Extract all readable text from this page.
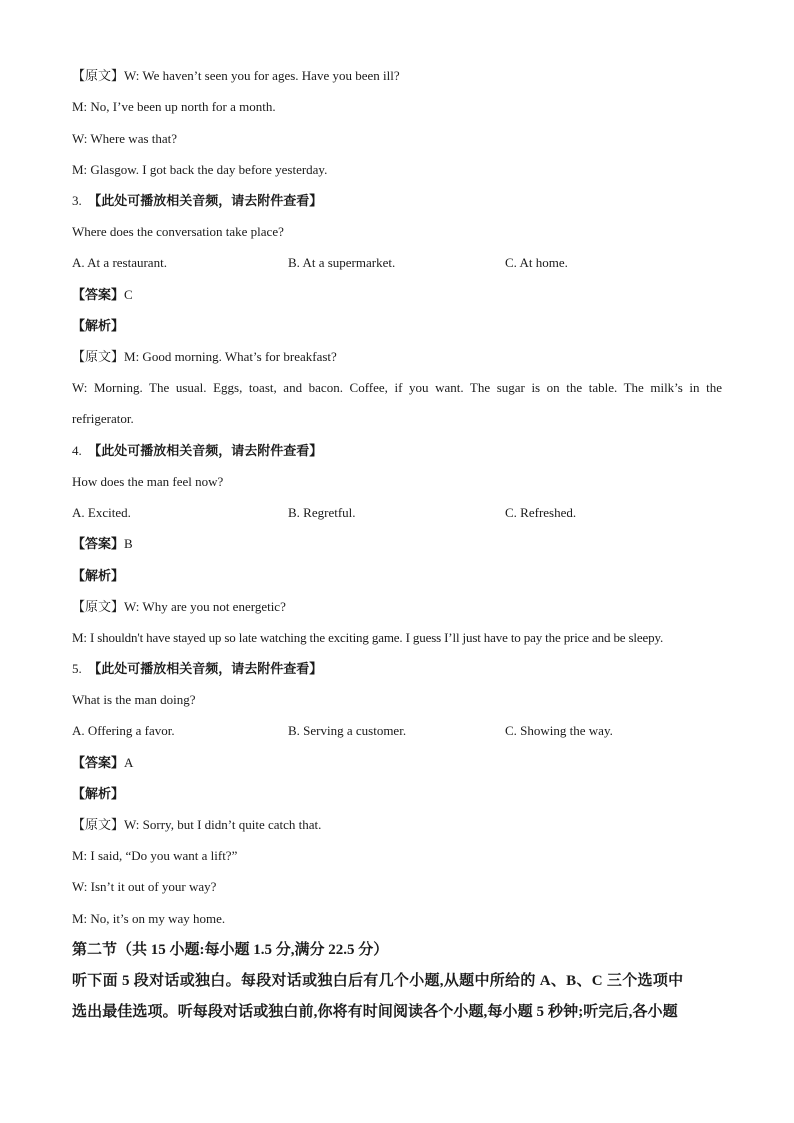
【原文】W: We haven’t seen you for ages. Have you been ill?
M: No, I’ve been up north for a month.
W: Where was that?
M: Glasgow. I got back the day before yesterday.
3. 【此处可播放相关音频，请去附件查看】
Where does the conversation take place?
A. At a restaurant.	B. At a supermarket.	C. At home.
【答案】C
【解析】
【原文】M: Good morning. What’s for breakfast?
W: Morning. The usual. Eggs, toast, and bacon. Coffee, if you want. The sugar is on the table. The milk’s in the
refrigerator.
4. 【此处可播放相关音频，请去附件查看】
How does the man feel now?
A. Excited.	B. Regretful.	C. Refreshed.
【答案】B
【解析】
【原文】W: Why are you not energetic?
M: I shouldn't have stayed up so late watching the exciting game. I guess I’ll just have to pay the price and be sleepy.
5. 【此处可播放相关音频，请去附件查看】
What is the man doing?
A. Offering a favor.	B. Serving a customer.	C. Showing the way.
【答案】A
【解析】
【原文】W: Sorry, but I didn’t quite catch that.
M: I said, “Do you want a lift?”
W: Isn’t it out of your way?
M: No, it’s on my way home.
第二节（共 15 小题:每小题 1.5 分,满分 22.5 分）
听下面 5 段对话或独白。每段对话或独白后有几个小题,从题中所给的 A、B、C 三个选项中
选出最佳选项。听每段对话或独白前,你将有时间阅读各个小题,每小题 5 秒钟;听完后,各小题
